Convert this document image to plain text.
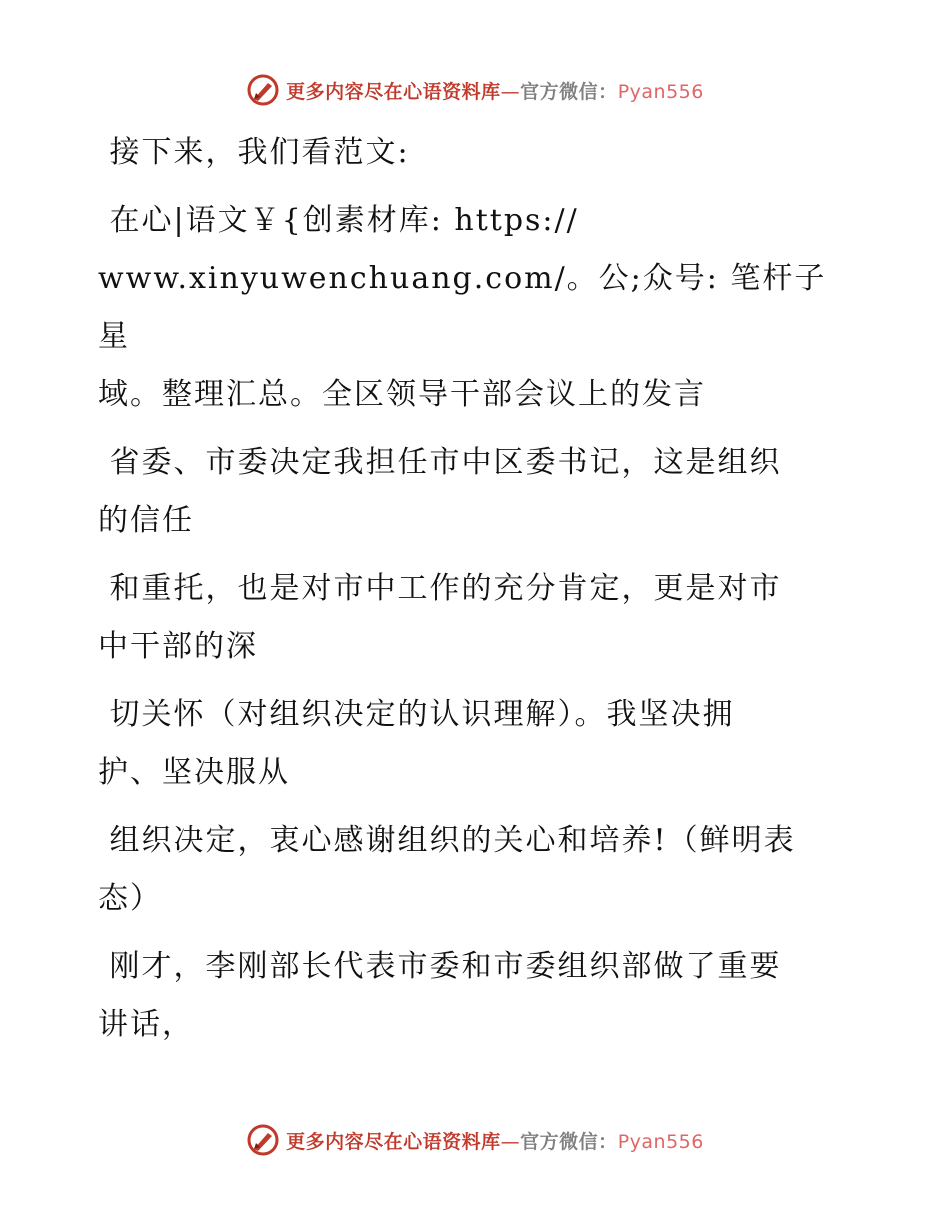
更多内容尽在心语资料库—官方微信：Pyan556

接下来，我们看范文:

在心|语文￥{创素材库: https://
www.xinyuwenchuang.com/。公;众号: 笔杆子星
域。整理汇总。全区领导干部会议上的发言

省委、市委决定我担任市中区委书记，这是组织
的信任

和重托，也是对市中工作的充分肯定，更是对市
中干部的深

切关怀（对组织决定的认识理解）。我坚决拥
护、坚决服从

组织决定，衷心感谢组织的关心和培养!（鲜明表
态）

刚才，李刚部长代表市委和市委组织部做了重要
讲话，

更多内容尽在心语资料库—官方微信：Pyan556
